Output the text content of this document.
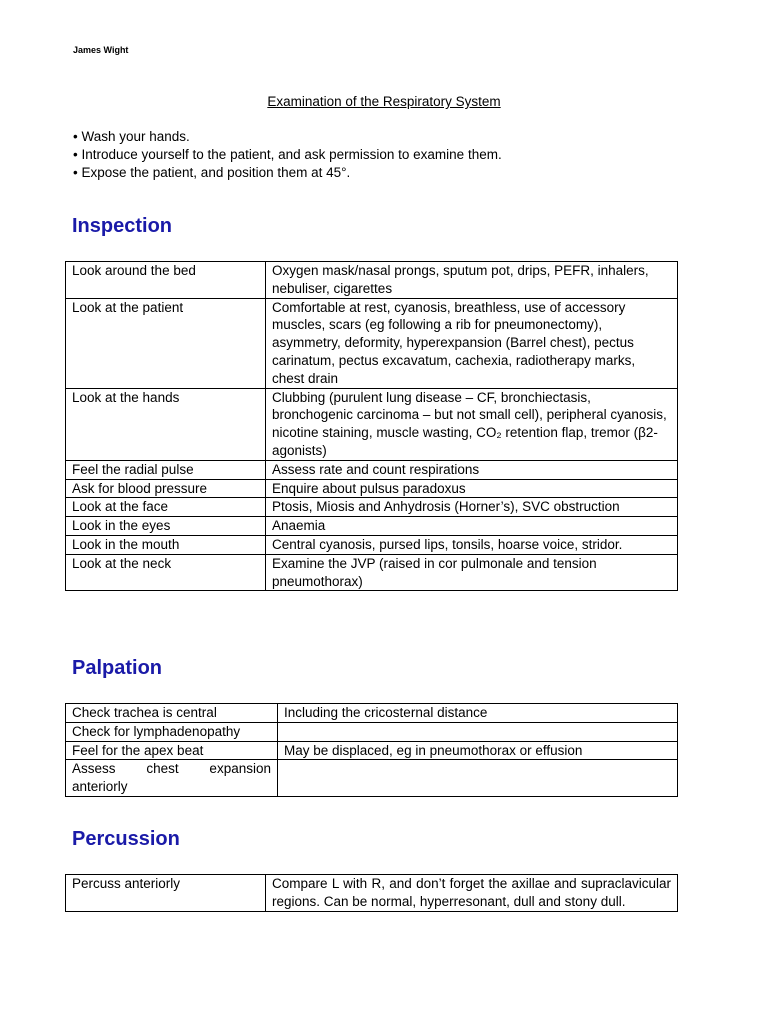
James Wight
Examination of the Respiratory System
• Wash your hands.
• Introduce yourself to the patient, and ask permission to examine them.
• Expose the patient, and position them at 45°.
Inspection
Look around the bed	Oxygen mask/nasal prongs, sputum pot, drips, PEFR, inhalers, nebuliser, cigarettes
Look at the patient	Comfortable at rest, cyanosis, breathless, use of accessory muscles, scars (eg following a rib for pneumonectomy), asymmetry, deformity, hyperexpansion (Barrel chest), pectus carinatum, pectus excavatum, cachexia, radiotherapy marks, chest drain
Look at the hands	Clubbing (purulent lung disease – CF, bronchiectasis, bronchogenic carcinoma – but not small cell), peripheral cyanosis, nicotine staining, muscle wasting, CO₂ retention flap, tremor (β2-agonists)
Feel the radial pulse	Assess rate and count respirations
Ask for blood pressure	Enquire about pulsus paradoxus
Look at the face	Ptosis, Miosis and Anhydrosis (Horner’s), SVC obstruction
Look in the eyes	Anaemia
Look in the mouth	Central cyanosis, pursed lips, tonsils, hoarse voice, stridor.
Look at the neck	Examine the JVP (raised in cor pulmonale and tension pneumothorax)
Palpation
Check trachea is central	Including the cricosternal distance
Check for lymphadenopathy	
Feel for the apex beat	May be displaced, eg in pneumothorax or effusion
Assess chest expansion anteriorly	
Percussion
Percuss anteriorly	Compare L with R, and don’t forget the axillae and supraclavicular regions. Can be normal, hyperresonant, dull and stony dull.
